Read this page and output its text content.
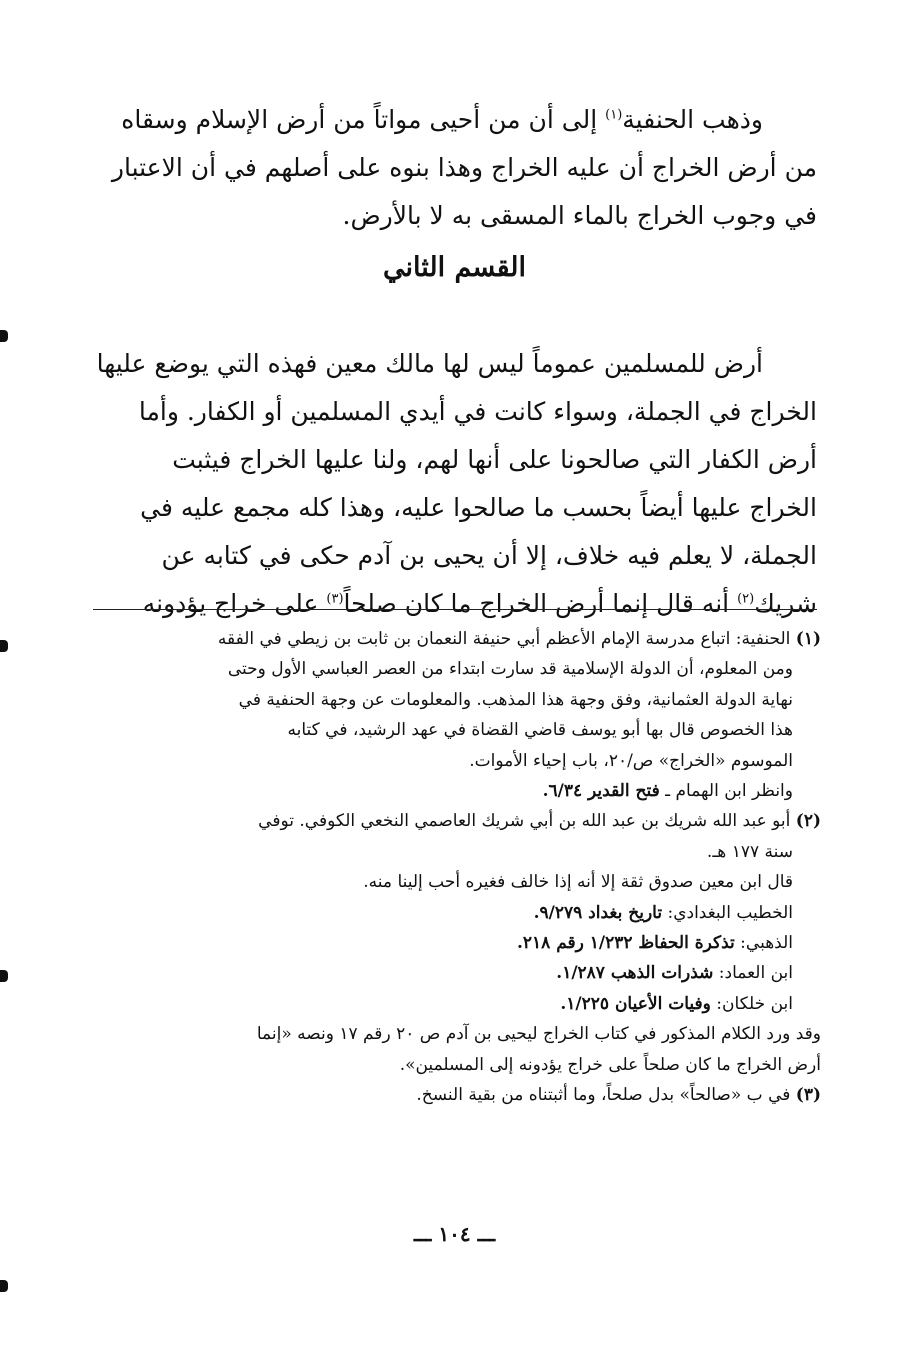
وذهب الحنفية$^{(١)}$ إلى أن من أحيى مواتاً من أرض الإسلام وسقاه
من أرض الخراج أن عليه الخراج وهذا بنوه على أصلهم في أن الاعتبار
في وجوب الخراج بالماء المسقى به لا بالأرض.
القسم الثاني
أرض للمسلمين عموماً ليس لها مالك معين فهذه التي يوضع عليها
الخراج في الجملة، وسواء كانت في أيدي المسلمين أو الكفار. وأما
أرض الكفار التي صالحونا على أنها لهم، ولنا عليها الخراج فيثبت
الخراج عليها أيضاً بحسب ما صالحوا عليه، وهذا كله مجمع عليه في
الجملة، لا يعلم فيه خلاف، إلا أن يحيى بن آدم حكى في كتابه عن
شريك$^{(٢)}$ أنه قال إنما أرض الخراج ما كان صلحاً$^{(٣)}$ على خراج يؤدونه
(١) الحنفية: اتباع مدرسة الإمام الأعظم أبي حنيفة النعمان بن ثابت بن زيطي في الفقه
ومن المعلوم، أن الدولة الإسلامية قد سارت ابتداء من العصر العباسي الأول وحتى
نهاية الدولة العثمانية، وفق وجهة هذا المذهب. والمعلومات عن وجهة الحنفية في
هذا الخصوص قال بها أبو يوسف قاضي القضاة في عهد الرشيد، في كتابه
الموسوم «الخراج» ص/٢٠، باب إحياء الأموات.
وانظر ابن الهمام ـ فتح القدير ٦/٣٤.
(٢) أبو عبد الله شريك بن عبد الله بن أبي شريك العاصمي النخعي الكوفي. توفي
سنة ١٧٧ هـ.
قال ابن معين صدوق ثقة إلا أنه إذا خالف فغيره أحب إلينا منه.
الخطيب البغدادي: تاريخ بغداد ٩/٢٧٩.
الذهبي: تذكرة الحفاظ ١/٢٣٢ رقم ٢١٨.
ابن العماد: شذرات الذهب ١/٢٨٧.
ابن خلكان: وفيات الأعيان ١/٢٢٥.
وقد ورد الكلام المذكور في كتاب الخراج ليحيى بن آدم ص ٢٠ رقم ١٧ ونصه «إنما
أرض الخراج ما كان صلحاً على خراج يؤدونه إلى المسلمين».
(٣) في ب «صالحاً» بدل صلحاً، وما أثبتناه من بقية النسخ.
ـــ ١٠٤ ـــ
